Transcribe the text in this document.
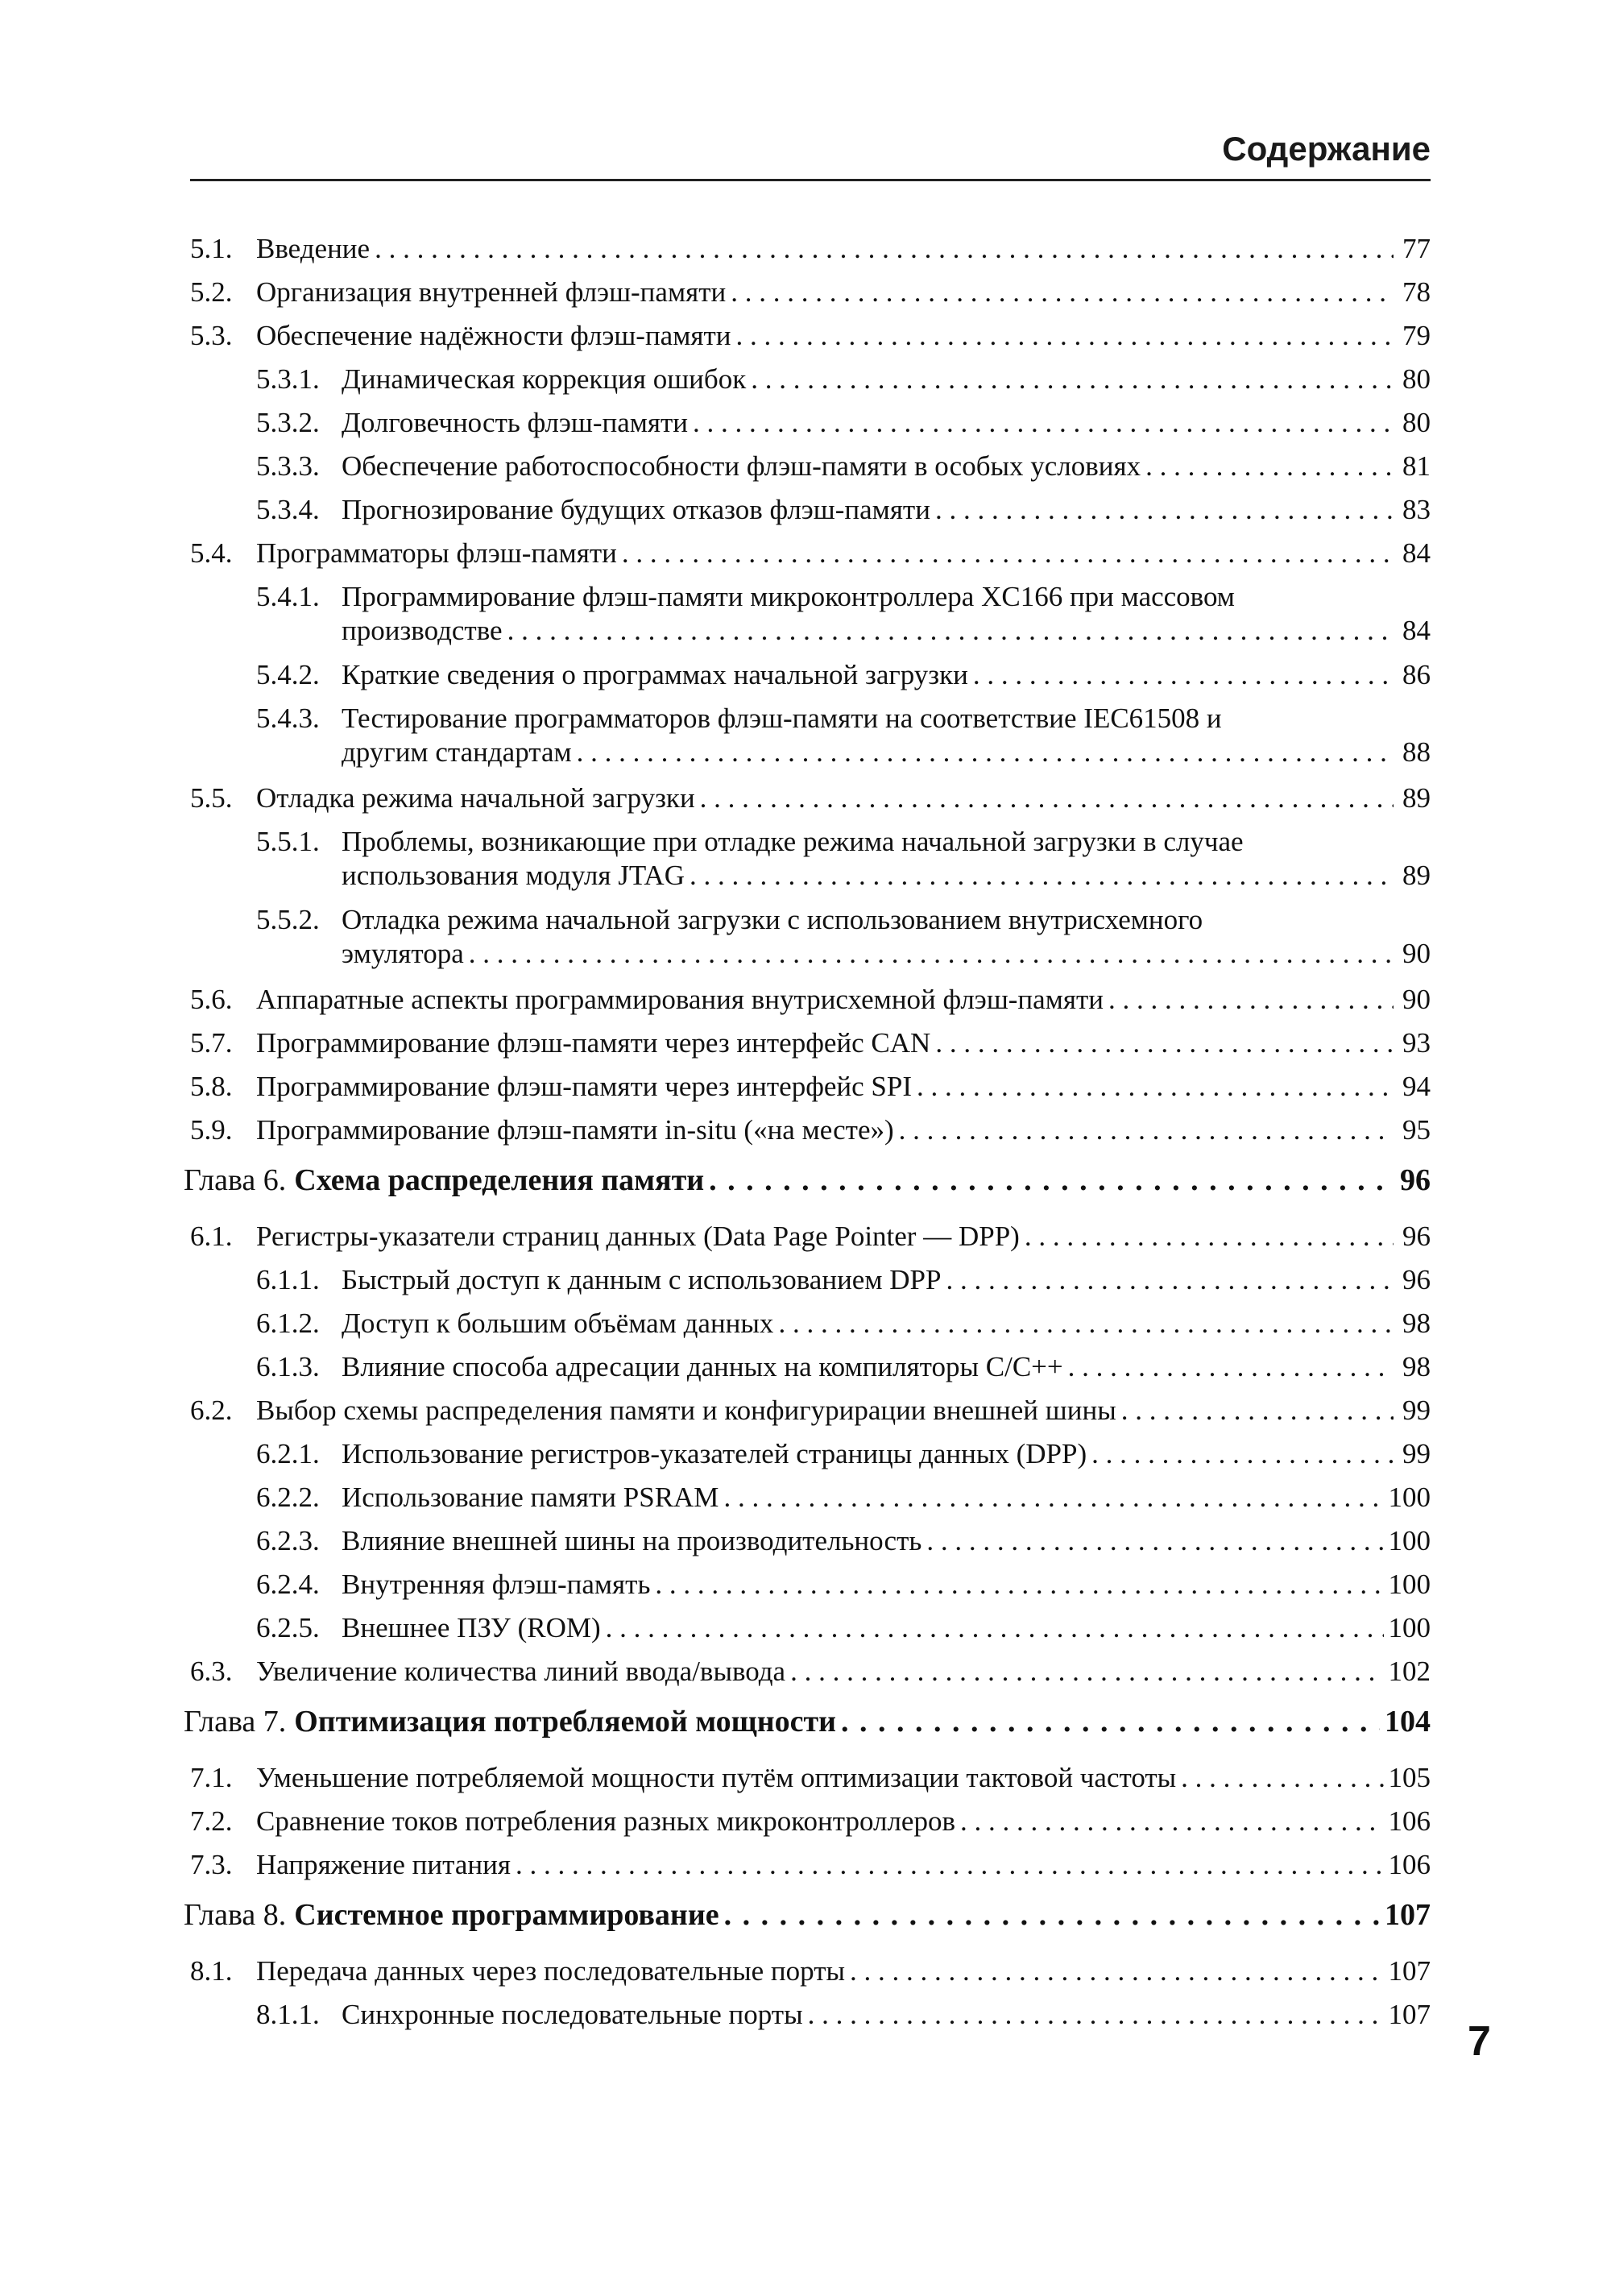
Содержание
5.1. Введение . . .	77
5.2. Организация внутренней флэш-памяти . . .	78
5.3. Обеспечение надёжности флэш-памяти . . .	79
5.3.1. Динамическая коррекция ошибок . . .	80
5.3.2. Долговечность флэш-памяти . . .	80
5.3.3. Обеспечение работоспособности флэш-памяти в особых условиях . . .	81
5.3.4. Прогнозирование будущих отказов флэш-памяти . . .	83
5.4. Программаторы флэш-памяти . . .	84
5.4.1. Программирование флэш-памяти микроконтроллера XC166 при массовом
производстве . . .	84
5.4.2. Краткие сведения о программах начальной загрузки . . .	86
5.4.3. Тестирование программаторов флэш-памяти на соответствие IEC61508 и
другим стандартам . . .	88
5.5. Отладка режима начальной загрузки . . .	89
5.5.1. Проблемы, возникающие при отладке режима начальной загрузки в случае
использования модуля JTAG . . .	89
5.5.2. Отладка режима начальной загрузки с использованием внутрисхемного
эмулятора . . .	90
5.6. Аппаратные аспекты программирования внутрисхемной флэш-памяти . . .	90
5.7. Программирование флэш-памяти через интерфейс CAN . . .	93
5.8. Программирование флэш-памяти через интерфейс SPI . . .	94
5.9. Программирование флэш-памяти in-situ («на месте») . . .	95
Глава 6. Схема распределения памяти . . .	96
6.1. Регистры-указатели страниц данных (Data Page Pointer — DPP) . . .	96
6.1.1. Быстрый доступ к данным с использованием DPP . . .	96
6.1.2. Доступ к большим объёмам данных . . .	98
6.1.3. Влияние способа адресации данных на компиляторы C/C++ . . .	98
6.2. Выбор схемы распределения памяти и конфигурирации внешней шины . . .	99
6.2.1. Использование регистров-указателей страницы данных (DPP) . . .	99
6.2.2. Использование памяти PSRAM . . .	100
6.2.3. Влияние внешней шины на производительность . . .	100
6.2.4. Внутренняя флэш-память . . .	100
6.2.5. Внешнее ПЗУ (ROM) . . .	100
6.3. Увеличение количества линий ввода/вывода . . .	102
Глава 7. Оптимизация потребляемой мощности . . .	104
7.1. Уменьшение потребляемой мощности путём оптимизации тактовой частоты . . .	105
7.2. Сравнение токов потребления разных микроконтроллеров . . .	106
7.3. Напряжение питания . . .	106
Глава 8. Системное программирование . . .	107
8.1. Передача данных через последовательные порты . . .	107
8.1.1. Синхронные последовательные порты . . .	107
7
